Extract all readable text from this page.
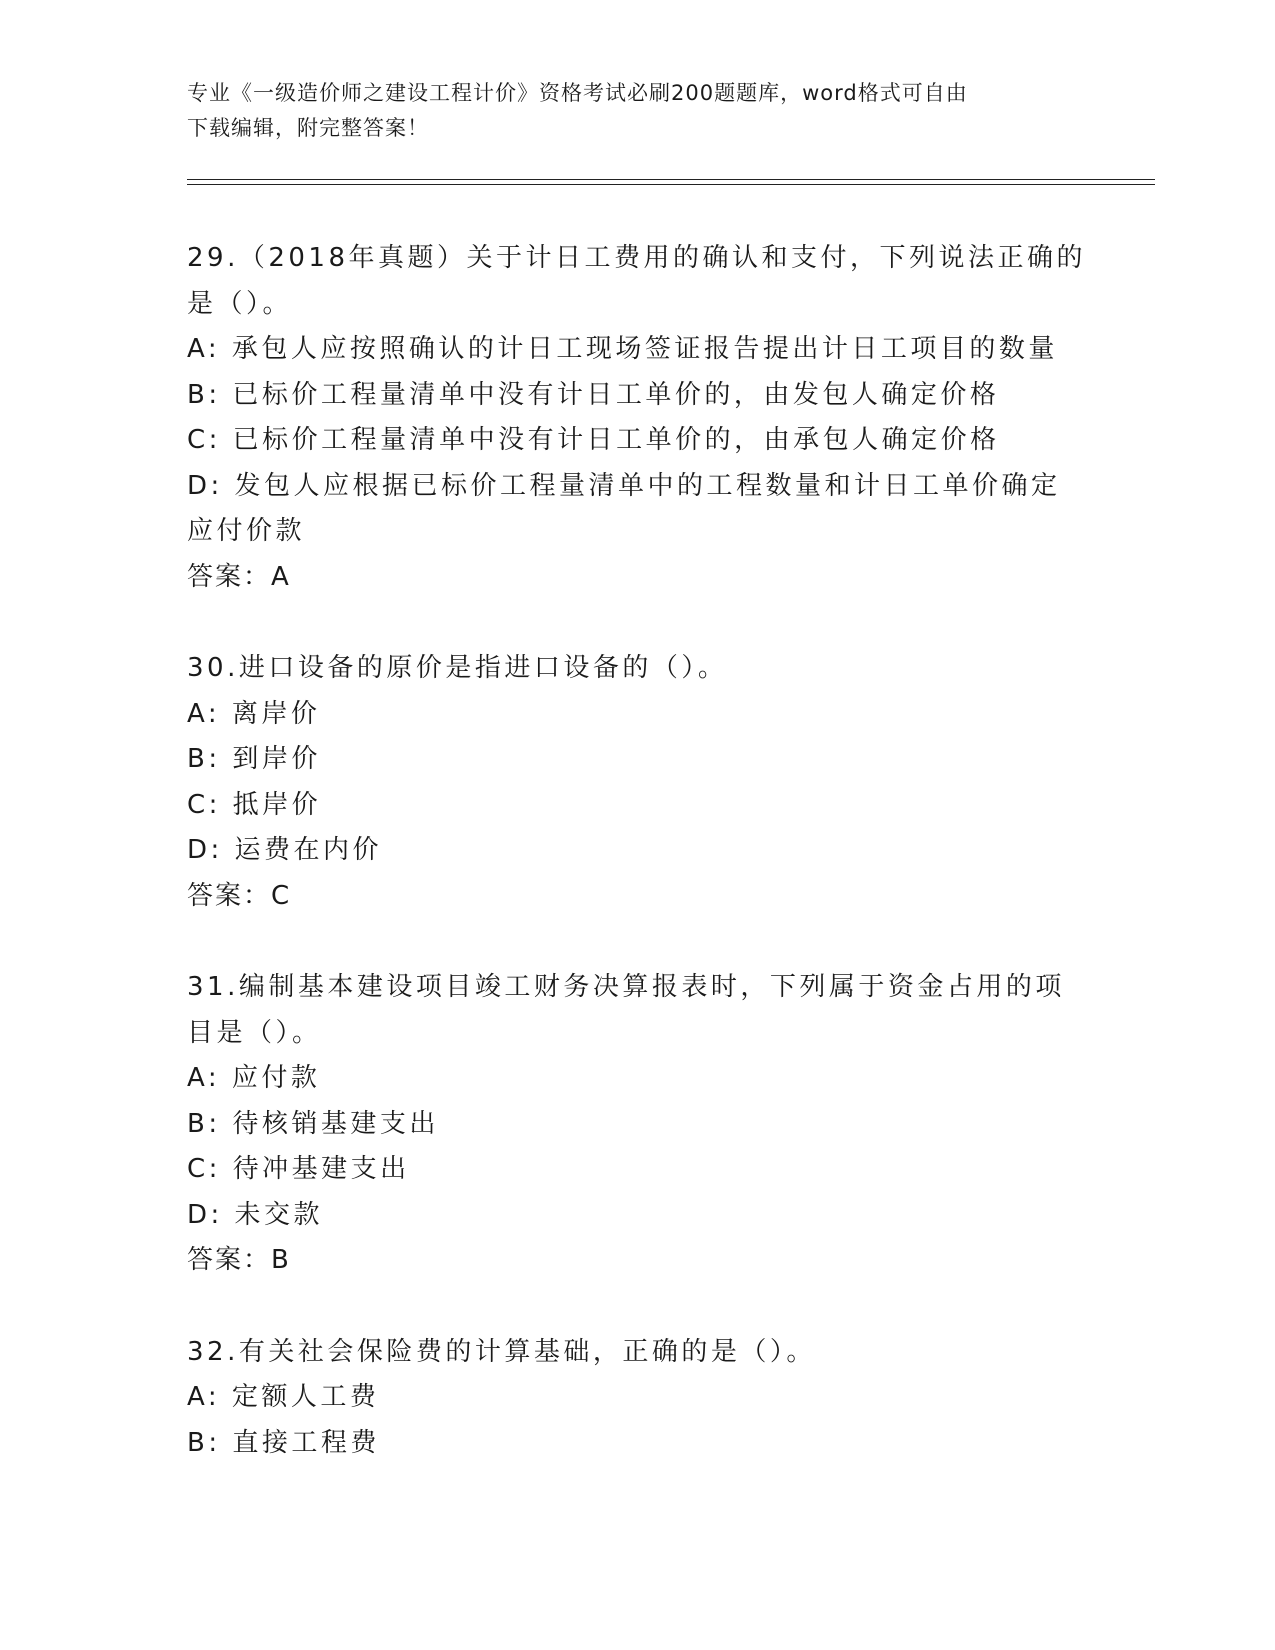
专业《一级造价师之建设工程计价》资格考试必刷200题题库，word格式可自由
下载编辑，附完整答案！
29.（2018年真题）关于计日工费用的确认和支付，下列说法正确的是（）。
A: 承包人应按照确认的计日工现场签证报告提出计日工项目的数量
B: 已标价工程量清单中没有计日工单价的，由发包人确定价格
C: 已标价工程量清单中没有计日工单价的，由承包人确定价格
D: 发包人应根据已标价工程量清单中的工程数量和计日工单价确定应付价款
答案：A
30.进口设备的原价是指进口设备的（）。
A: 离岸价
B: 到岸价
C: 抵岸价
D: 运费在内价
答案：C
31.编制基本建设项目竣工财务决算报表时，下列属于资金占用的项目是（）。
A: 应付款
B: 待核销基建支出
C: 待冲基建支出
D: 未交款
答案：B
32.有关社会保险费的计算基础，正确的是（）。
A: 定额人工费
B: 直接工程费
